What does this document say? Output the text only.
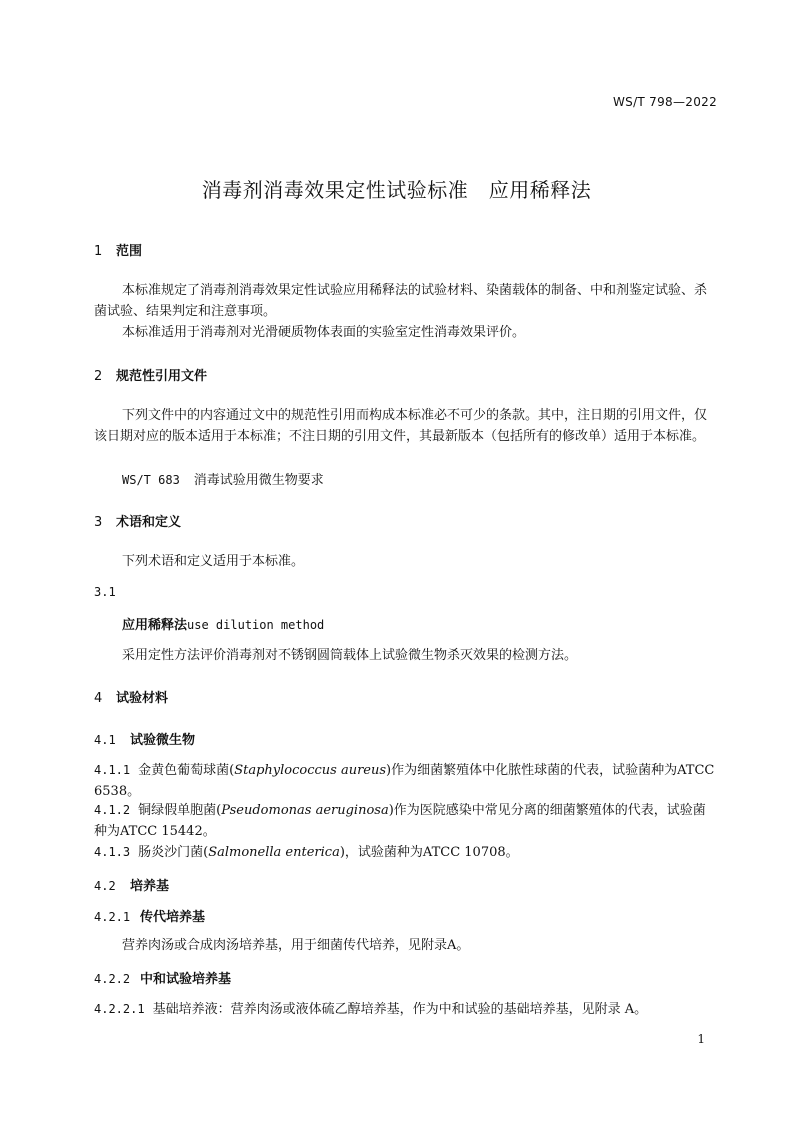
WS/T 798—2022
消毒剂消毒效果定性试验标准　应用稀释法
1 范围
本标准规定了消毒剂消毒效果定性试验应用稀释法的试验材料、染菌载体的制备、中和剂鉴定试验、杀菌试验、结果判定和注意事项。
本标准适用于消毒剂对光滑硬质物体表面的实验室定性消毒效果评价。
2 规范性引用文件
下列文件中的内容通过文中的规范性引用而构成本标准必不可少的条款。其中，注日期的引用文件，仅该日期对应的版本适用于本标准；不注日期的引用文件，其最新版本（包括所有的修改单）适用于本标准。
WS/T 683 消毒试验用微生物要求
3 术语和定义
下列术语和定义适用于本标准。
3.1
应用稀释法use dilution method
采用定性方法评价消毒剂对不锈钢圆筒载体上试验微生物杀灭效果的检测方法。
4 试验材料
4.1 试验微生物
4.1.1 金黄色葡萄球菌(Staphylococcus aureus)作为细菌繁殖体中化脓性球菌的代表，试验菌种为ATCC 6538。
4.1.2 铜绿假单胞菌(Pseudomonas aeruginosa)作为医院感染中常见分离的细菌繁殖体的代表，试验菌种为ATCC 15442。
4.1.3 肠炎沙门菌(Salmonella enterica)，试验菌种为ATCC 10708。
4.2 培养基
4.2.1 传代培养基
营养肉汤或合成肉汤培养基，用于细菌传代培养，见附录A。
4.2.2 中和试验培养基
4.2.2.1 基础培养液：营养肉汤或液体硫乙醇培养基，作为中和试验的基础培养基，见附录 A。
1
